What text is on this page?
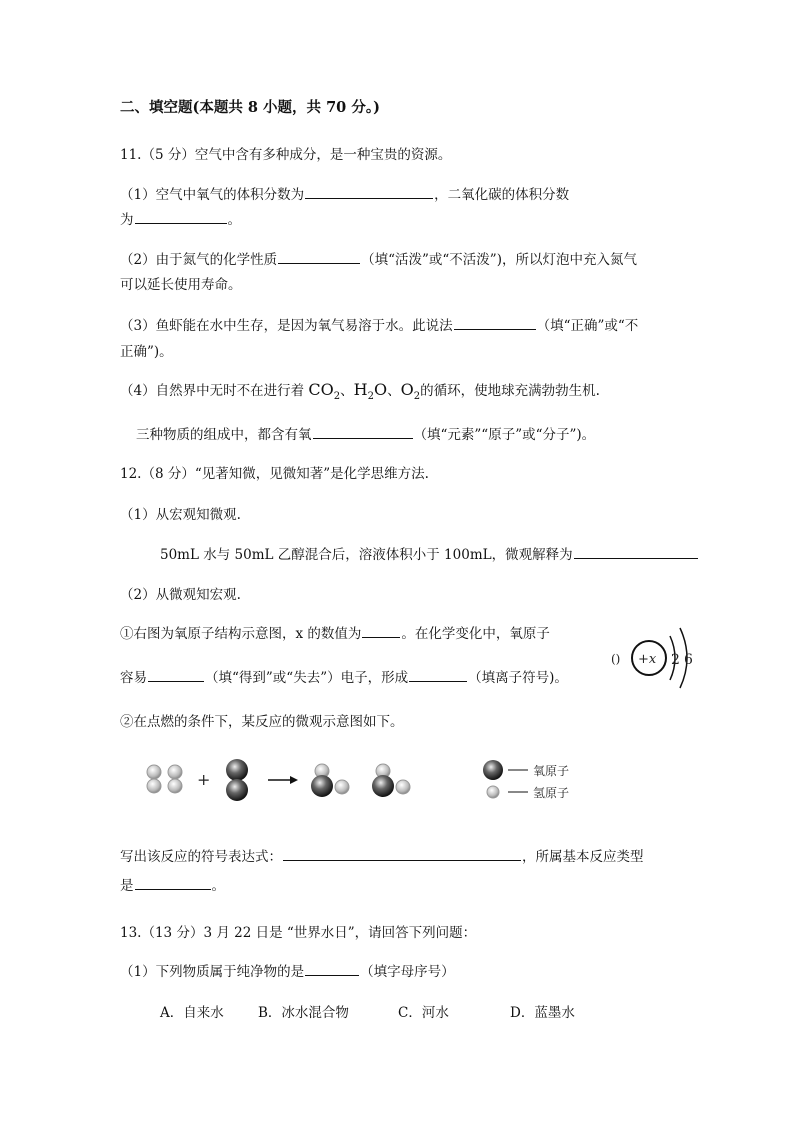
二、填空题(本题共 8 小题，共 70 分。)
11.（5 分）空气中含有多种成分，是一种宝贵的资源。
（1）空气中氧气的体积分数为	，二氧化碳的体积分数
为	。
（2）由于氮气的化学性质	（填“活泼”或“不活泼”)，所以灯泡中充入氮气
可以延长使用寿命。
（3）鱼虾能在水中生存，是因为氧气易溶于水。此说法	（填“正确”或“不
正确”)。
（4）自然界中无时不在进行着 $CO_2$、$H_2O$、$O_2$的循环，使地球充满勃勃生机.
三种物质的组成中，都含有氧	（填“元素”“原子”或“分子”)。
12.（8 分）“见著知微，见微知著”是化学思维方法.
（1）从宏观知微观.
50mL 水与 50mL 乙醇混合后，溶液体积小于 100mL，微观解释为
（2）从微观知宏观.
①右图为氧原子结构示意图，x 的数值为	。在化学变化中，氧原子
容易	（填“得到”或“失去”）电子，形成	（填离子符号)。
() +x 2 6
②在点燃的条件下，某反应的微观示意图如下。
+	氧原子
氢原子
写出该反应的符号表达式：	，所属基本反应类型
是	。
13.（13 分）3 月 22 日是 “世界水日”，请回答下列问题：
（1）下列物质属于纯净物的是	（填字母序号）
A．自来水	B．冰水混合物	C．河水	D．蓝墨水
